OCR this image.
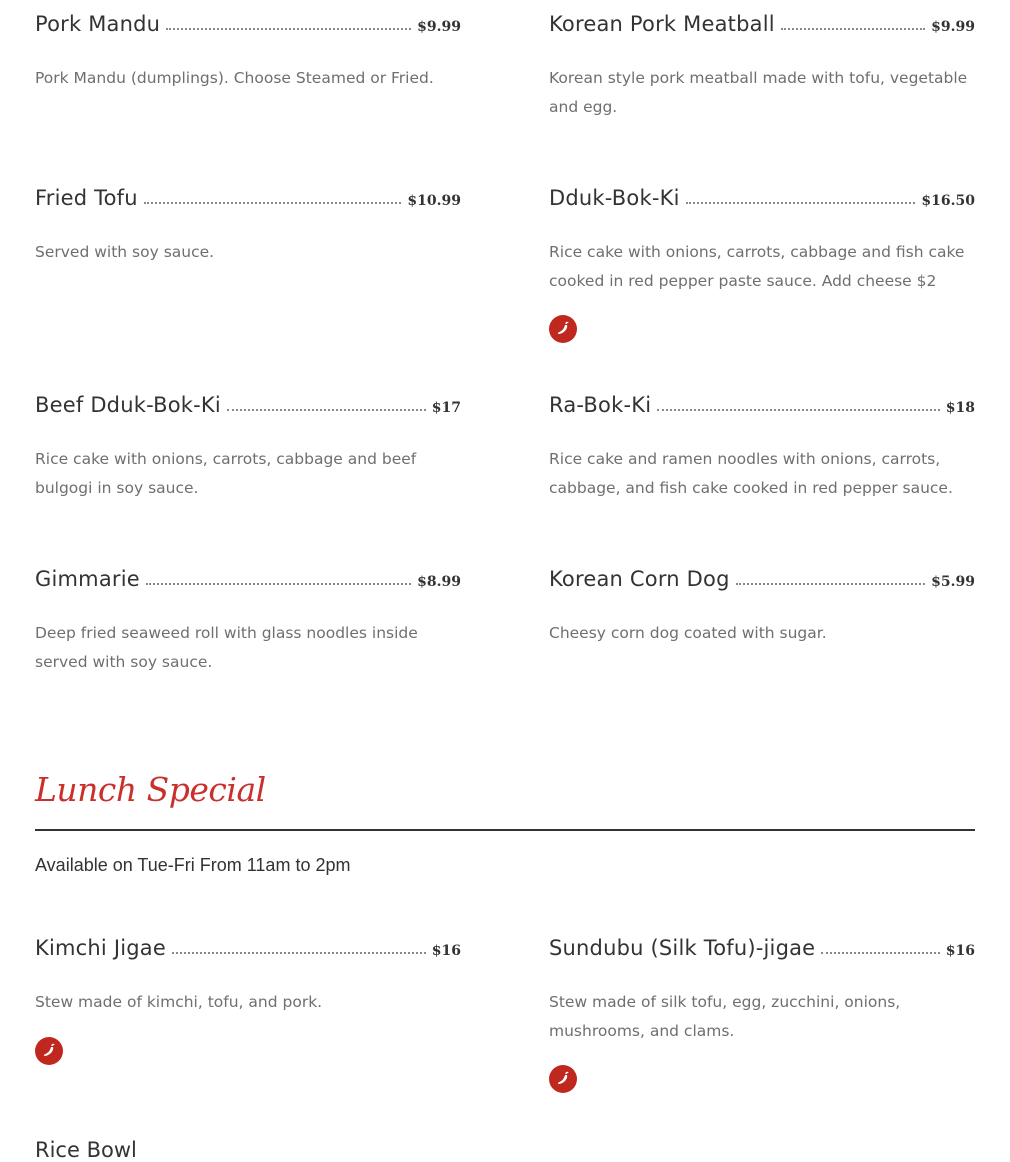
Pork Mandu	$9.99
Pork Mandu (dumplings). Choose Steamed or Fried.
Korean Pork Meatball	$9.99
Korean style pork meatball made with tofu, vegetable and egg.
Fried Tofu	$10.99
Served with soy sauce.
Dduk-Bok-Ki	$16.50
Rice cake with onions, carrots, cabbage and fish cake cooked in red pepper paste sauce. Add cheese $2
Beef Dduk-Bok-Ki	$17
Rice cake with onions, carrots, cabbage and beef bulgogi in soy sauce.
Ra-Bok-Ki	$18
Rice cake and ramen noodles with onions, carrots, cabbage, and fish cake cooked in red pepper sauce.
Gimmarie	$8.99
Deep fried seaweed roll with glass noodles inside served with soy sauce.
Korean Corn Dog	$5.99
Cheesy corn dog coated with sugar.
Lunch Special
Available on Tue-Fri From 11am to 2pm
Kimchi Jigae	$16
Stew made of kimchi, tofu, and pork.
Sundubu (Silk Tofu)-jigae	$16
Stew made of silk tofu, egg, zucchini, onions, mushrooms, and clams.
Rice Bowl
